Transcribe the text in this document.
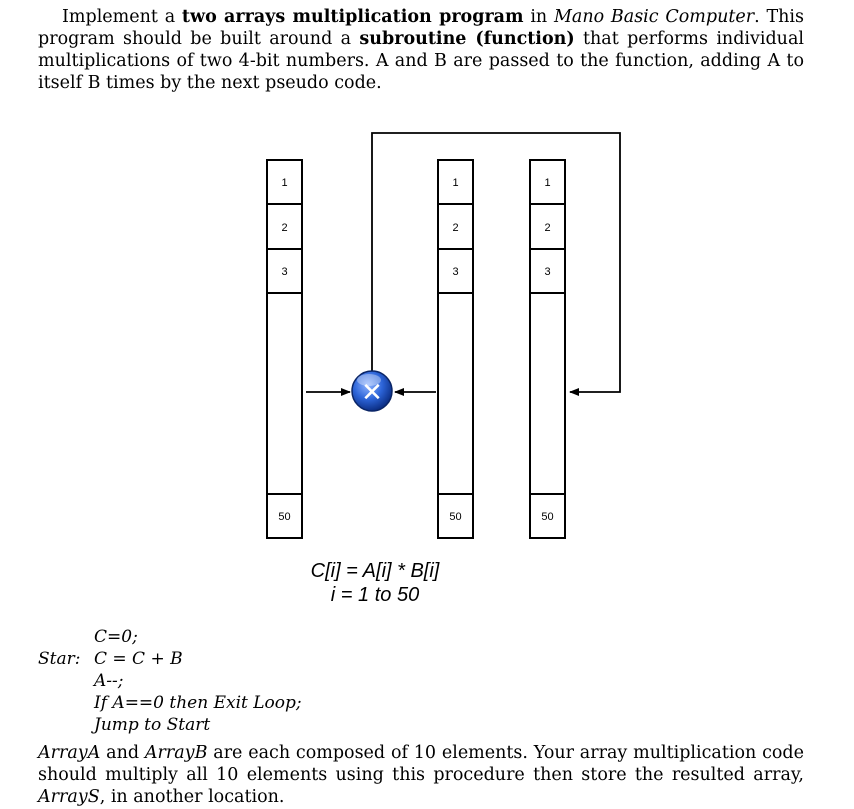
Implement a two arrays multiplication program in Mano Basic Computer. This program should be built around a subroutine (function) that performs individual multiplications of two 4-bit numbers. A and B are passed to the function, adding A to itself B times by the next pseudo code.
1
2
3
50
1
2
3
50
1
2
3
50
✕
C[i] = A[i] * B[i]
i = 1 to 50
C=0;
Star: C = C + B
A--;
If A==0 then Exit Loop;
Jump to Start
ArrayA and ArrayB are each composed of 10 elements. Your array multiplication code should multiply all 10 elements using this procedure then store the resulted array, ArrayS, in another location.
